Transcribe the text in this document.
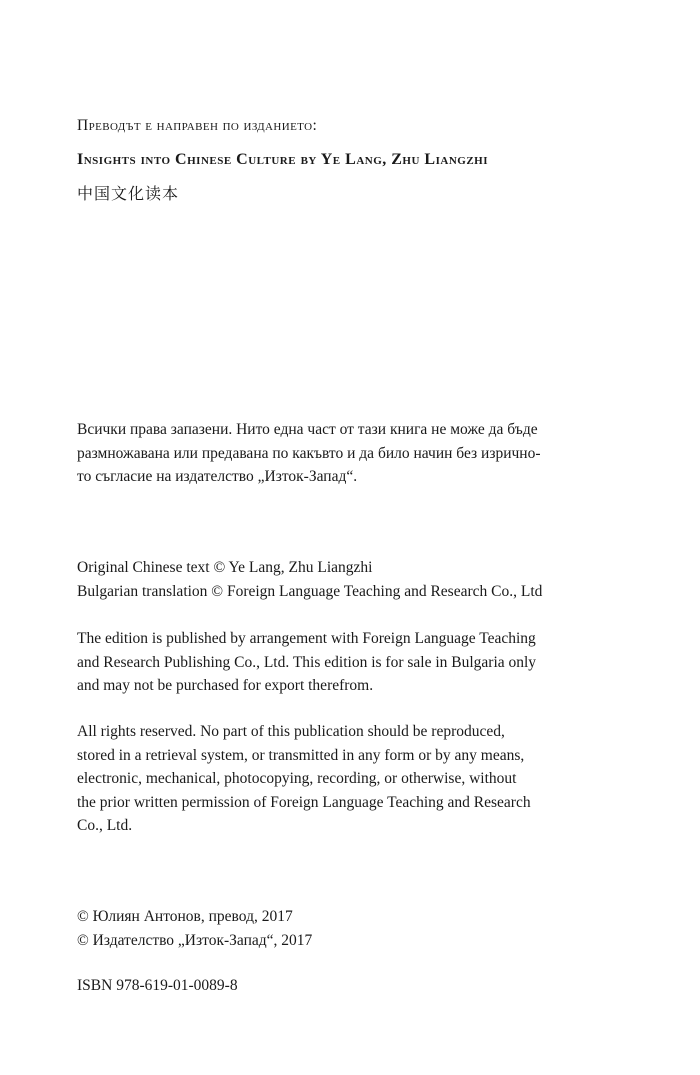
Преводът е направен по изданието:
Insights into Chinese Culture by Ye Lang, Zhu Liangzhi
中国文化读本
Всички права запазени. Нито една част от тази книга не може да бъде
размножавана или предавана по какъвто и да било начин без изрично-
то съгласие на издателство „Изток-Запад“.
Original Chinese text © Ye Lang, Zhu Liangzhi
Bulgarian translation © Foreign Language Teaching and Research Co., Ltd
The edition is published by arrangement with Foreign Language Teaching
and Research Publishing Co., Ltd. This edition is for sale in Bulgaria only
and may not be purchased for export therefrom.
All rights reserved. No part of this publication should be reproduced,
stored in a retrieval system, or transmitted in any form or by any means,
electronic, mechanical, photocopying, recording, or otherwise, without
the prior written permission of Foreign Language Teaching and Research
Co., Ltd.
© Юлиян Антонов, превод, 2017
© Издателство „Изток-Запад“, 2017
ISBN 978-619-01-0089-8
